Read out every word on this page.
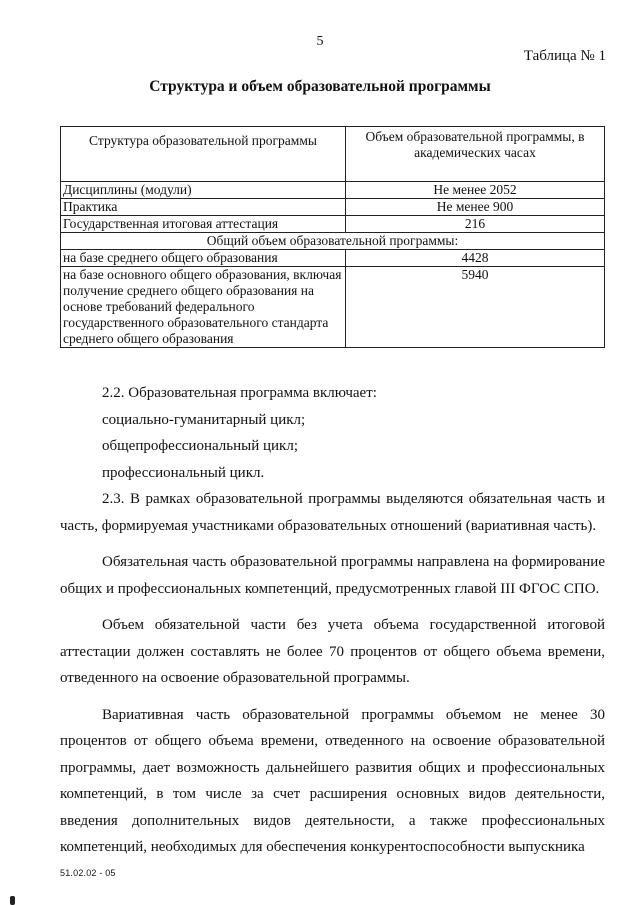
5
Таблица № 1
Структура и объем образовательной программы
Структура образовательной программы	Объем образовательной программы, в академических часах
Дисциплины (модули)	Не менее 2052
Практика	Не менее 900
Государственная итоговая аттестация	216
Общий объем образовательной программы:	
на базе среднего общего образования	4428
на базе основного общего образования, включая получение среднего общего образования на основе требований федерального государственного образовательного стандарта среднего общего образования	5940

2.2. Образовательная программа включает:

социально-гуманитарный цикл;

общепрофессиональный цикл;

профессиональный цикл.

2.3. В рамках образовательной программы выделяются обязательная часть и часть, формируемая участниками образовательных отношений (вариативная часть).

Обязательная часть образовательной программы направлена на формирование общих и профессиональных компетенций, предусмотренных главой III ФГОС СПО.

Объем обязательной части без учета объема государственной итоговой аттестации должен составлять не более 70 процентов от общего объема времени, отведенного на освоение образовательной программы.

Вариативная часть образовательной программы объемом не менее 30 процентов от общего объема времени, отведенного на освоение образовательной программы, дает возможность дальнейшего развития общих и профессиональных компетенций, в том числе за счет расширения основных видов деятельности, введения дополнительных видов деятельности, а также профессиональных компетенций, необходимых для обеспечения конкурентоспособности выпускника

51.02.02 - 05
